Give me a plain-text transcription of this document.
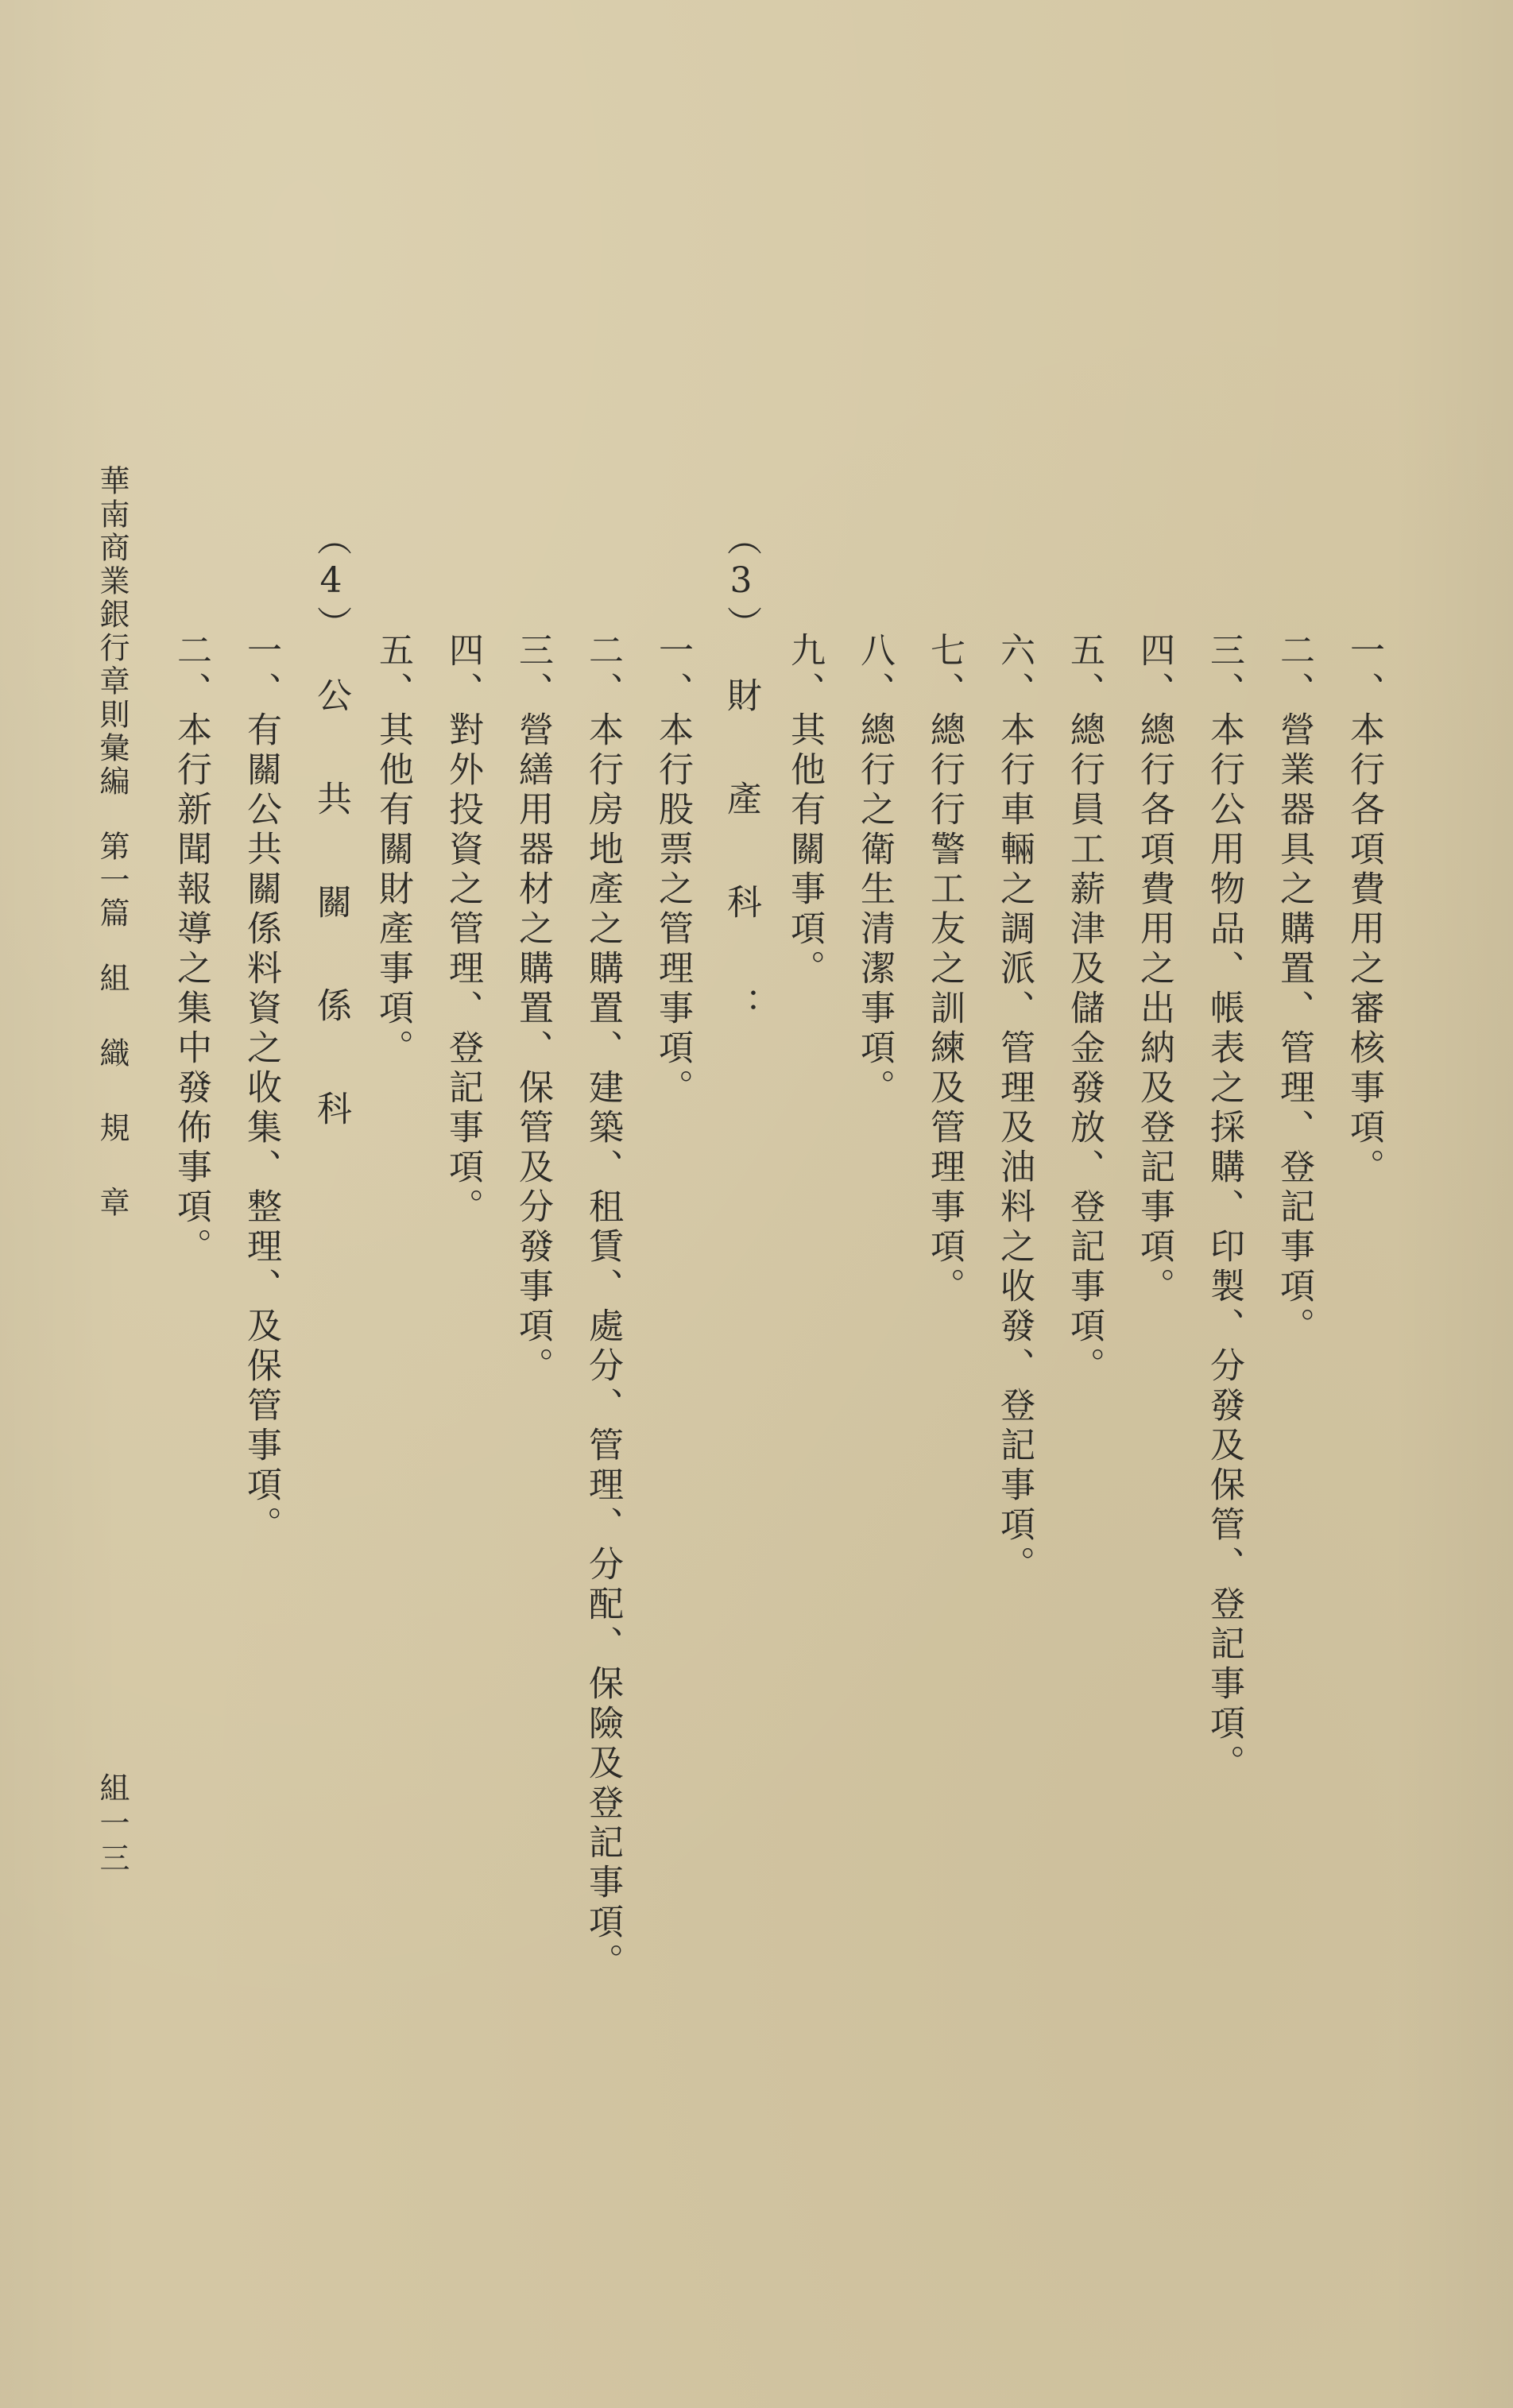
一、本行各項費用之審核事項。
二、營業器具之購置、管理、登記事項。
三、本行公用物品、帳表之採購、印製、分發及保管、登記事項。
四、總行各項費用之出納及登記事項。
五、總行員工薪津及儲金發放、登記事項。
六、本行車輛之調派、管理及油料之收發、登記事項。
七、總行行警工友之訓練及管理事項。
八、總行之衛生清潔事項。
九、其他有關事項。
（3）財產科：
一、本行股票之管理事項。
二、本行房地產之購置、建築、租賃、處分、管理、分配、保險及登記事項。
三、營繕用器材之購置、保管及分發事項。
四、對外投資之管理、登記事項。
五、其他有關財產事項。
（4）公共關係科
一、有關公共關係料資之收集、整理、及保管事項。
二、本行新聞報導之集中發佈事項。
華南商業銀行章則彙編第一篇組織規章
組一三
